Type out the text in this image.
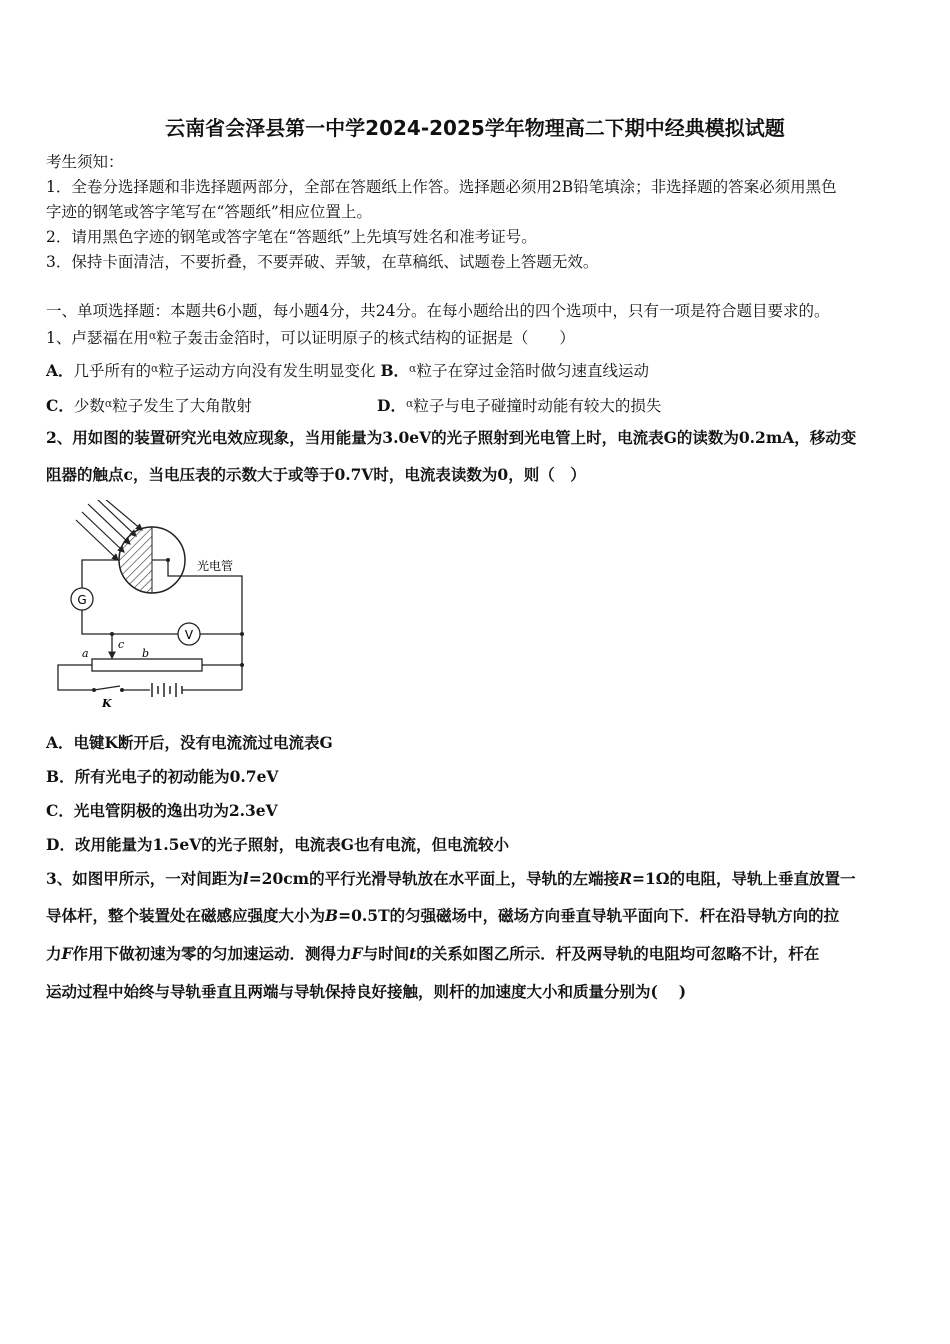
云南省会泽县第一中学2024-2025学年物理高二下期中经典模拟试题
考生须知：
1．全卷分选择题和非选择题两部分，全部在答题纸上作答。选择题必须用2B铅笔填涂；非选择题的答案必须用黑色
字迹的钢笔或答字笔写在“答题纸”相应位置上。
2．请用黑色字迹的钢笔或答字笔在“答题纸”上先填写姓名和准考证号。
3．保持卡面清洁，不要折叠，不要弄破、弄皱，在草稿纸、试题卷上答题无效。
一、单项选择题：本题共6小题，每小题4分，共24分。在每小题给出的四个选项中，只有一项是符合题目要求的。
1、卢瑟福在用$^\alpha$粒子轰击金箔时，可以证明原子的核式结构的证据是（　　）
A．几乎所有的$^\alpha$粒子运动方向没有发生明显变化 B．$^\alpha$粒子在穿过金箔时做匀速直线运动
C．少数$^\alpha$粒子发生了大角散射	D．$^\alpha$粒子与电子碰撞时动能有较大的损失
2、用如图的装置研究光电效应现象，当用能量为3.0eV的光子照射到光电管上时，电流表G的读数为0.2mA，移动变
阻器的触点c，当电压表的示数大于或等于0.7V时，电流表读数为0，则（　）
光电管
G
V
a	b
c
K
A．电键K断开后，没有电流流过电流表G
B．所有光电子的初动能为0.7eV
C．光电管阴极的逸出功为2.3eV
D．改用能量为1.5eV的光子照射，电流表G也有电流，但电流较小
3、如图甲所示，一对间距为l=20cm的平行光滑导轨放在水平面上，导轨的左端接R=1Ω的电阻，导轨上垂直放置一
导体杆，整个装置处在磁感应强度大小为B=0.5T的匀强磁场中，磁场方向垂直导轨平面向下．杆在沿导轨方向的拉
力F作用下做初速为零的匀加速运动．测得力F与时间t的关系如图乙所示．杆及两导轨的电阻均可忽略不计，杆在
运动过程中始终与导轨垂直且两端与导轨保持良好接触，则杆的加速度大小和质量分别为(　 )
